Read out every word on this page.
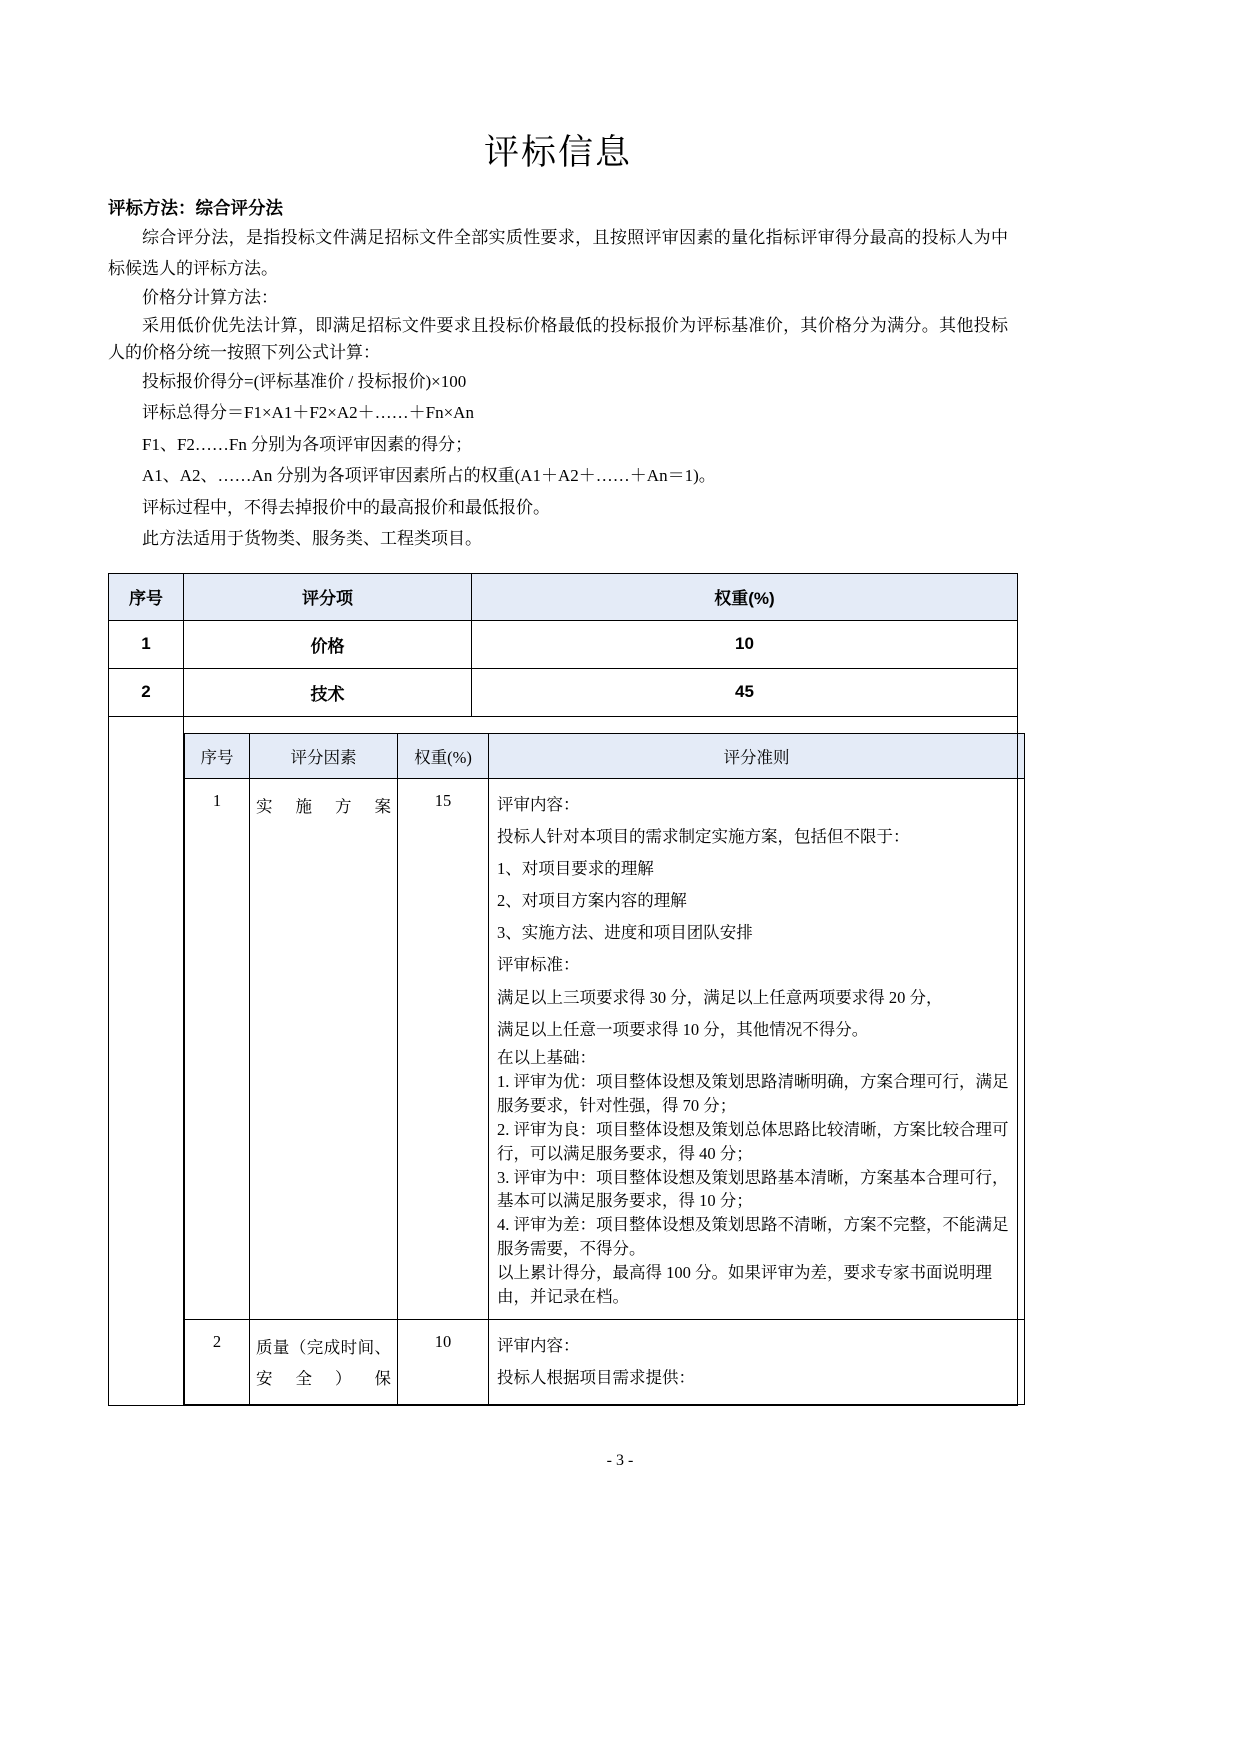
评标信息
评标方法：综合评分法

综合评分法，是指投标文件满足招标文件全部实质性要求，且按照评审因素的量化指标评审得分最高的投标人为中标候选人的评标方法。

价格分计算方法：

采用低价优先法计算，即满足招标文件要求且投标价格最低的投标报价为评标基准价，其价格分为满分。其他投标人的价格分统一按照下列公式计算：

投标报价得分=(评标基准价 / 投标报价)×100

评标总得分＝F1×A1＋F2×A2＋……＋Fn×An

F1、F2……Fn 分别为各项评审因素的得分；

A1、A2、……An 分别为各项评审因素所占的权重(A1＋A2＋……＋An＝1)。

评标过程中，不得去掉报价中的最高报价和最低报价。

此方法适用于货物类、服务类、工程类项目。

序号	评分项	权重(%)
1	价格	10
2	技术	45

序号	评分因素	权重(%)	评分准则
1	实施方案	15	评审内容：

投标人针对本项目的需求制定实施方案，包括但不限于：

1、对项目要求的理解

2、对项目方案内容的理解

3、实施方法、进度和项目团队安排

评审标准：

满足以上三项要求得 30 分，满足以上任意两项要求得 20 分，

满足以上任意一项要求得 10 分，其他情况不得分。

在以上基础：

1. 评审为优：项目整体设想及策划思路清晰明确，方案合理可行，满足服务要求，针对性强，得 70 分；

2. 评审为良：项目整体设想及策划总体思路比较清晰，方案比较合理可行，可以满足服务要求，得 40 分；

3. 评审为中：项目整体设想及策划思路基本清晰，方案基本合理可行，基本可以满足服务要求，得 10 分；

4. 评审为差：项目整体设想及策划思路不清晰，方案不完整，不能满足服务需要，不得分。

以上累计得分，最高得 100 分。如果评审为差，要求专家书面说明理由，并记录在档。

2	质量（完成时间、安全）保	10	评审内容：

投标人根据项目需求提供：

- 3 -
